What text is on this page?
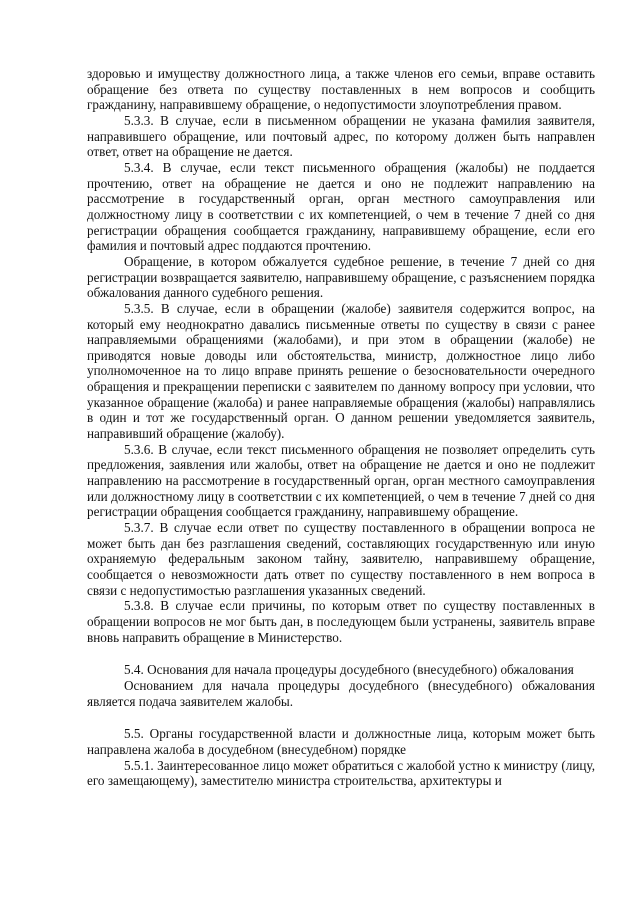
здоровью и имуществу должностного лица, а также членов его семьи, вправе оставить обращение без ответа по существу поставленных в нем вопросов и сообщить гражданину, направившему обращение, о недопустимости злоупотребления правом.

5.3.3. В случае, если в письменном обращении не указана фамилия заявителя, направившего обращение, или почтовый адрес, по которому должен быть направлен ответ, ответ на обращение не дается.

5.3.4. В случае, если текст письменного обращения (жалобы) не поддается прочтению, ответ на обращение не дается и оно не подлежит направлению на рассмотрение в государственный орган, орган местного самоуправления или должностному лицу в соответствии с их компетенцией, о чем в течение 7 дней со дня регистрации обращения сообщается гражданину, направившему обращение, если его фамилия и почтовый адрес поддаются прочтению.

Обращение, в котором обжалуется судебное решение, в течение 7 дней со дня регистрации возвращается заявителю, направившему обращение, с разъяснением порядка обжалования данного судебного решения.

5.3.5. В случае, если в обращении (жалобе) заявителя содержится вопрос, на который ему неоднократно давались письменные ответы по существу в связи с ранее направляемыми обращениями (жалобами), и при этом в обращении (жалобе) не приводятся новые доводы или обстоятельства, министр, должностное лицо либо уполномоченное на то лицо вправе принять решение о безосновательности очередного обращения и прекращении переписки с заявителем по данному вопросу при условии, что указанное обращение (жалоба) и ранее направляемые обращения (жалобы) направлялись в один и тот же государственный орган. О данном решении уведомляется заявитель, направивший обращение (жалобу).

5.3.6. В случае, если текст письменного обращения не позволяет определить суть предложения, заявления или жалобы, ответ на обращение не дается и оно не подлежит направлению на рассмотрение в государственный орган, орган местного самоуправления или должностному лицу в соответствии с их компетенцией, о чем в течение 7 дней со дня регистрации обращения сообщается гражданину, направившему обращение.

5.3.7. В случае если ответ по существу поставленного в обращении вопроса не может быть дан без разглашения сведений, составляющих государственную или иную охраняемую федеральным законом тайну, заявителю, направившему обращение, сообщается о невозможности дать ответ по существу поставленного в нем вопроса в связи с недопустимостью разглашения указанных сведений.

5.3.8. В случае если причины, по которым ответ по существу поставленных в обращении вопросов не мог быть дан, в последующем были устранены, заявитель вправе вновь направить обращение в Министерство.

5.4. Основания для начала процедуры досудебного (внесудебного) обжалования

Основанием для начала процедуры досудебного (внесудебного) обжалования является подача заявителем жалобы.

5.5. Органы государственной власти и должностные лица, которым может быть направлена жалоба в досудебном (внесудебном) порядке

5.5.1. Заинтересованное лицо может обратиться с жалобой устно к министру (лицу, его замещающему), заместителю министра строительства, архитектуры и
